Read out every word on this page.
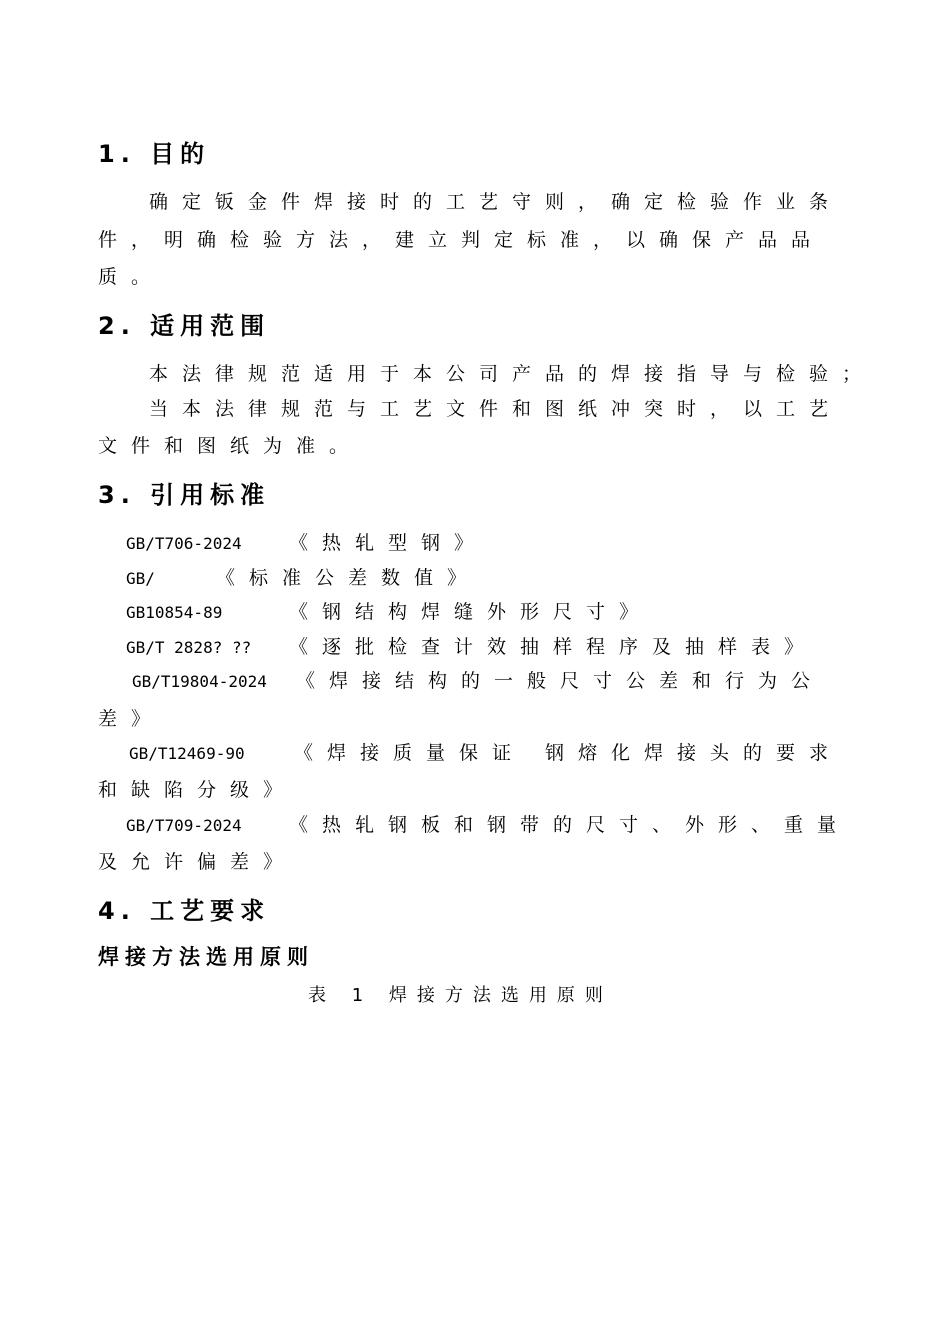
1. 目的
确定钣金件焊接时的工艺守则，确定检验作业条
件，明确检验方法，建立判定标准，以确保产品品
质。
2. 适用范围
本法律规范适用于本公司产品的焊接指导与检验；
当本法律规范与工艺文件和图纸冲突时，以工艺
文件和图纸为准。
3. 引用标准
GB/T706-2024 《热轧型钢》
GB/	《标准公差数值》
GB10854-89	《钢结构焊缝外形尺寸》
GB/T 2828? ?? 《逐批检查计效抽样程序及抽样表》
GB/T19804-2024 《焊接结构的一般尺寸公差和行为公
差》
GB/T12469-90	《焊接质量保证 钢熔化焊接头的要求
和缺陷分级》
GB/T709-2024 《热轧钢板和钢带的尺寸、外形、重量
及允许偏差》
4. 工艺要求
焊接方法选用原则
表 1 焊接方法选用原则
